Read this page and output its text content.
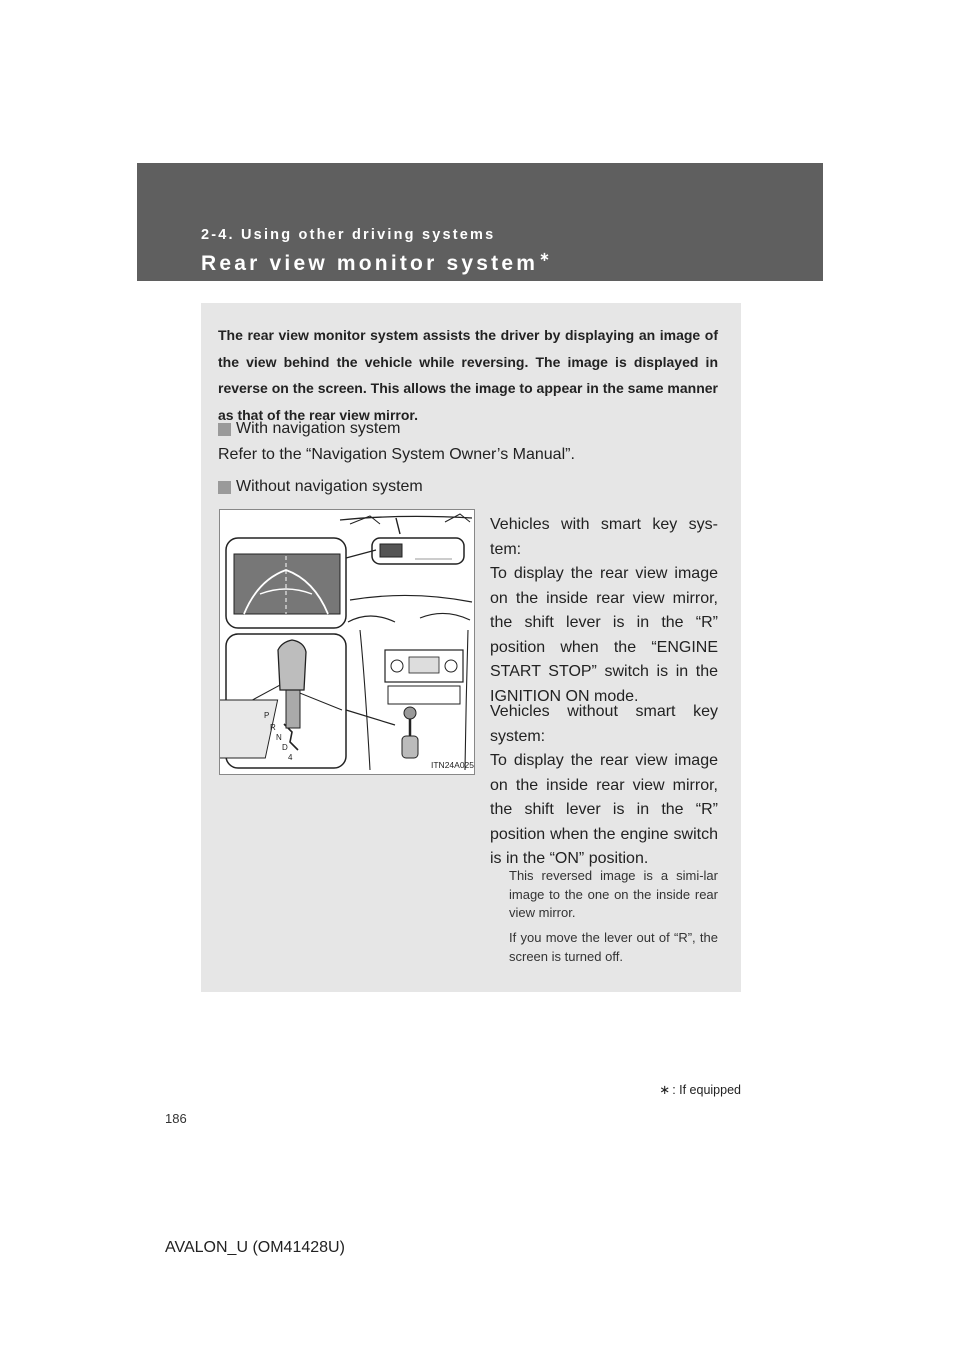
2-4. Using other driving systems
Rear view monitor system∗
The rear view monitor system assists the driver by displaying an image of the view behind the vehicle while reversing. The image is displayed in reverse on the screen. This allows the image to appear in the same manner as that of the rear view mirror.
With navigation system
Refer to the “Navigation System Owner’s Manual”.
Without navigation system
P
R
N
D
4
ITN24A025

Vehicles with smart key sys-tem:

To display the rear view image on the inside rear view mirror, the shift lever is in the “R” position when the “ENGINE START STOP” switch is in the IGNITION ON mode.

Vehicles without smart key system:

To display the rear view image on the inside rear view mirror, the shift lever is in the “R” position when the engine switch is in the “ON” position.

This reversed image is a simi-lar image to the one on the inside rear view mirror.

If you move the lever out of “R”, the screen is turned off.

∗ : If equipped
186
AVALON_U (OM41428U)
